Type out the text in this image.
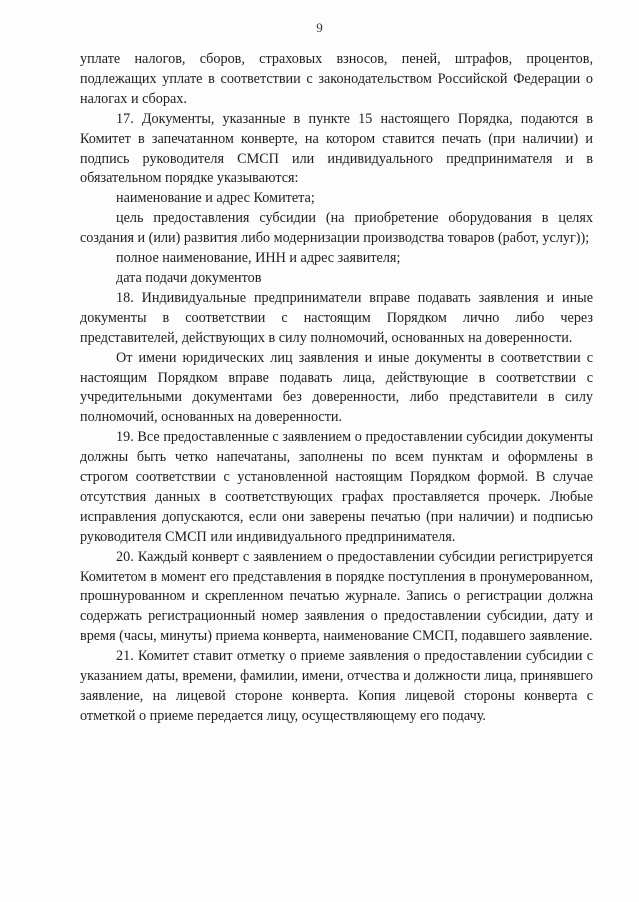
9

уплате налогов, сборов, страховых взносов, пеней, штрафов, процентов, подлежащих уплате в соответствии с законодательством Российской Федерации о налогах и сборах.

17. Документы, указанные в пункте 15 настоящего Порядка, подаются в Комитет в запечатанном конверте, на котором ставится печать (при наличии) и подпись руководителя СМСП или индивидуального предпринимателя и в обязательном порядке указываются:

наименование и адрес Комитета;

цель предоставления субсидии (на приобретение оборудования в целях создания и (или) развития либо модернизации производства товаров (работ, услуг));

полное наименование, ИНН и адрес заявителя;

дата подачи документов

18. Индивидуальные предприниматели вправе подавать заявления и иные документы в соответствии с настоящим Порядком лично либо через представителей, действующих в силу полномочий, основанных на доверенности.

От имени юридических лиц заявления и иные документы в соответствии с настоящим Порядком вправе подавать лица, действующие в соответствии с учредительными документами без доверенности, либо представители в силу полномочий, основанных на доверенности.

19. Все предоставленные с заявлением о предоставлении субсидии документы должны быть четко напечатаны, заполнены по всем пунктам и оформлены в строгом соответствии с установленной настоящим Порядком формой. В случае отсутствия данных в соответствующих графах проставляется прочерк. Любые исправления допускаются, если они заверены печатью (при наличии) и подписью руководителя СМСП или индивидуального предпринимателя.

20. Каждый конверт с заявлением о предоставлении субсидии регистрируется Комитетом в момент его представления в порядке поступления в пронумерованном, прошнурованном и скрепленном печатью журнале. Запись о регистрации должна содержать регистрационный номер заявления о предоставлении субсидии, дату и время (часы, минуты) приема конверта, наименование СМСП, подавшего заявление.

21. Комитет ставит отметку о приеме заявления о предоставлении субсидии с указанием даты, времени, фамилии, имени, отчества и должности лица, принявшего заявление, на лицевой стороне конверта. Копия лицевой стороны конверта с отметкой о приеме передается лицу, осуществляющему его подачу.
